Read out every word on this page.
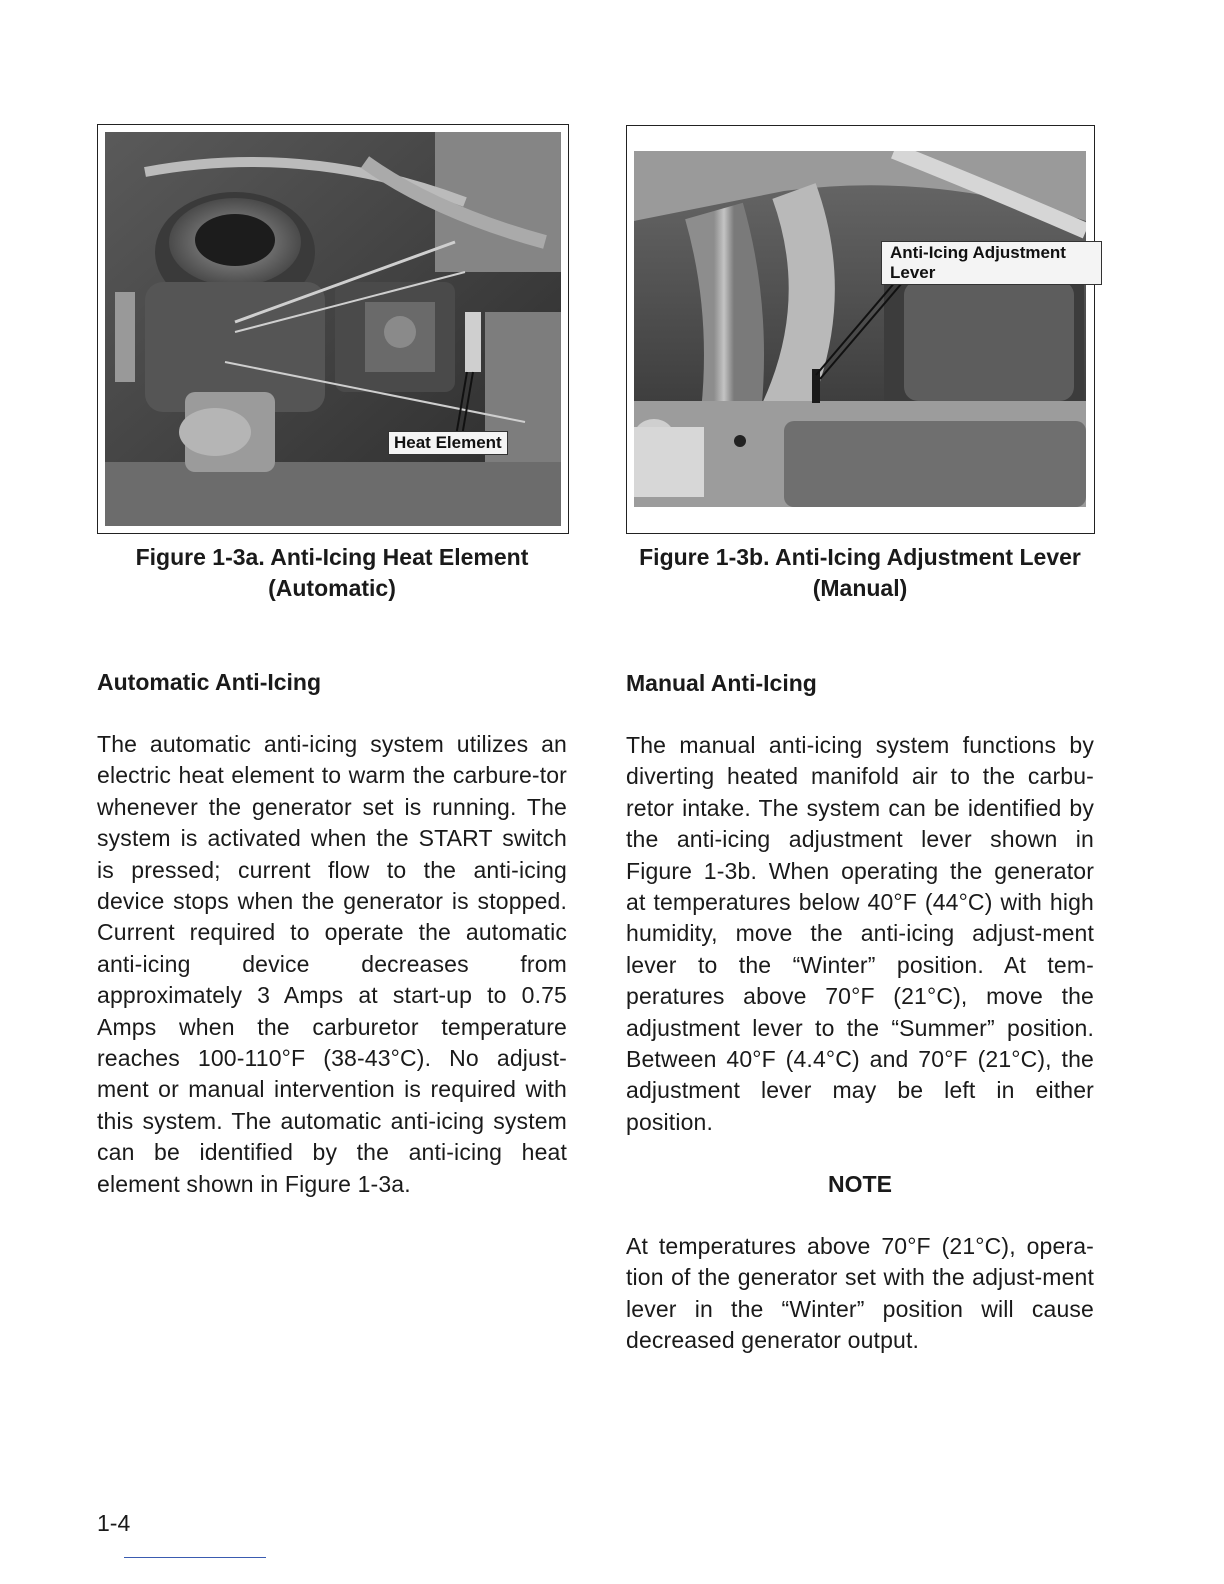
Heat Element
Figure 1-3a. Anti-Icing Heat Element
(Automatic)
Anti-Icing Adjustment
Lever
Figure 1-3b. Anti-Icing Adjustment Lever
(Manual)
Automatic Anti-Icing
The automatic anti-icing system utilizes an electric heat element to warm the carbure-tor whenever the generator set is running. The system is activated when the START switch is pressed; current flow to the anti-icing device stops when the generator is stopped. Current required to operate the automatic anti-icing device decreases from approximately 3 Amps at start-up to 0.75 Amps when the carburetor temperature reaches 100-110°F (38-43°C). No adjust-ment or manual intervention is required with this system. The automatic anti-icing system can be identified by the anti-icing heat element shown in Figure 1-3a.
Manual Anti-Icing
The manual anti-icing system functions by diverting heated manifold air to the carbu-retor intake. The system can be identified by the anti-icing adjustment lever shown in Figure 1-3b. When operating the generator at temperatures below 40°F (44°C) with high humidity, move the anti-icing adjust-ment lever to the “Winter” position. At tem-peratures above 70°F (21°C), move the adjustment lever to the “Summer” position. Between 40°F (4.4°C) and 70°F (21°C), the adjustment lever may be left in either position.
NOTE
At temperatures above 70°F (21°C), opera-tion of the generator set with the adjust-ment lever in the “Winter” position will cause decreased generator output.
1-4
